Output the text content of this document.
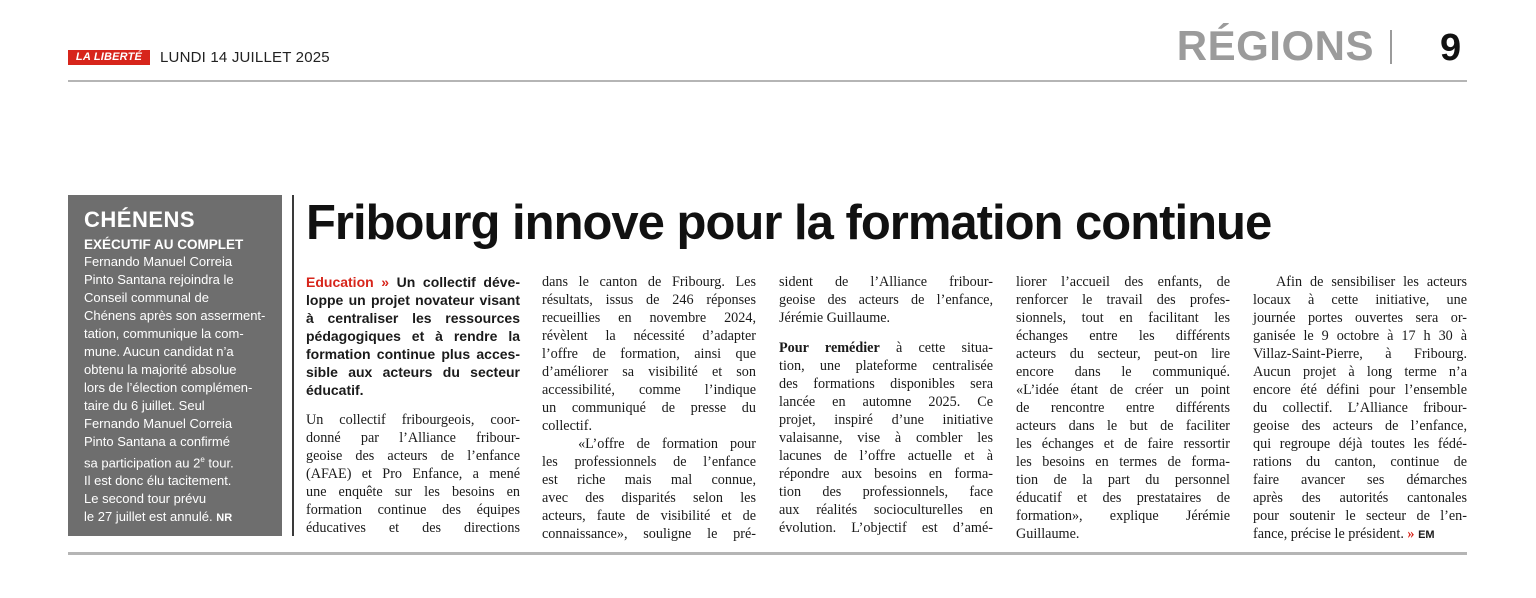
LA LIBERTÉ	LUNDI 14 JUILLET 2025	RÉGIONS 9
CHÉNENS
EXÉCUTIF AU COMPLET
Fernando Manuel Correia
Pinto Santana rejoindra le
Conseil communal de
Chénens après son asserment-
tation, communique la com-
mune. Aucun candidat n’a
obtenu la majorité absolue
lors de l’élection complémen-
taire du 6 juillet. Seul
Fernando Manuel Correia
Pinto Santana a confirmé
sa participation au 2e tour.
Il est donc élu tacitement.
Le second tour prévu
le 27 juillet est annulé. NR
Fribourg innove pour la formation continue
Education » Un collectif déve-
loppe un projet novateur visant
à centraliser les ressources
pédagogiques et à rendre la
formation continue plus acces-
sible aux acteurs du secteur
éducatif.
Un collectif fribourgeois, coor-
donné par l’Alliance fribour-
geoise des acteurs de l’enfance
(AFAE) et Pro Enfance, a mené
une enquête sur les besoins en
formation continue des équipes
éducatives et des directions
dans le canton de Fribourg. Les
résultats, issus de 246 réponses
recueillies en novembre 2024,
révèlent la nécessité d’adapter
l’offre de formation, ainsi que
d’améliorer sa visibilité et son
accessibilité, comme l’indique
un communiqué de presse du
collectif.
«L’offre de formation pour
les professionnels de l’enfance
est riche mais mal connue,
avec des disparités selon les
acteurs, faute de visibilité et de
connaissance», souligne le pré-
sident de l’Alliance fribour-
geoise des acteurs de l’enfance,
Jérémie Guillaume.
Pour remédier à cette situa-
tion, une plateforme centralisée
des formations disponibles sera
lancée en automne 2025. Ce
projet, inspiré d’une initiative
valaisanne, vise à combler les
lacunes de l’offre actuelle et à
répondre aux besoins en forma-
tion des professionnels, face
aux réalités socioculturelles en
évolution. L’objectif est d’amé-
liorer l’accueil des enfants, de
renforcer le travail des profes-
sionnels, tout en facilitant les
échanges entre les différents
acteurs du secteur, peut-on lire
encore dans le communiqué.
«L’idée étant de créer un point
de rencontre entre différents
acteurs dans le but de faciliter
les échanges et de faire ressortir
les besoins en termes de forma-
tion de la part du personnel
éducatif et des prestataires de
formation», explique Jérémie
Guillaume.
Afin de sensibiliser les acteurs
locaux à cette initiative, une
journée portes ouvertes sera or-
ganisée le 9 octobre à 17 h 30 à
Villaz-Saint-Pierre, à Fribourg.
Aucun projet à long terme n’a
encore été défini pour l’ensemble
du collectif. L’Alliance fribour-
geoise des acteurs de l’enfance,
qui regroupe déjà toutes les fédé-
rations du canton, continue de
faire avancer ses démarches
après des autorités cantonales
pour soutenir le secteur de l’en-
fance, précise le président. » EM
